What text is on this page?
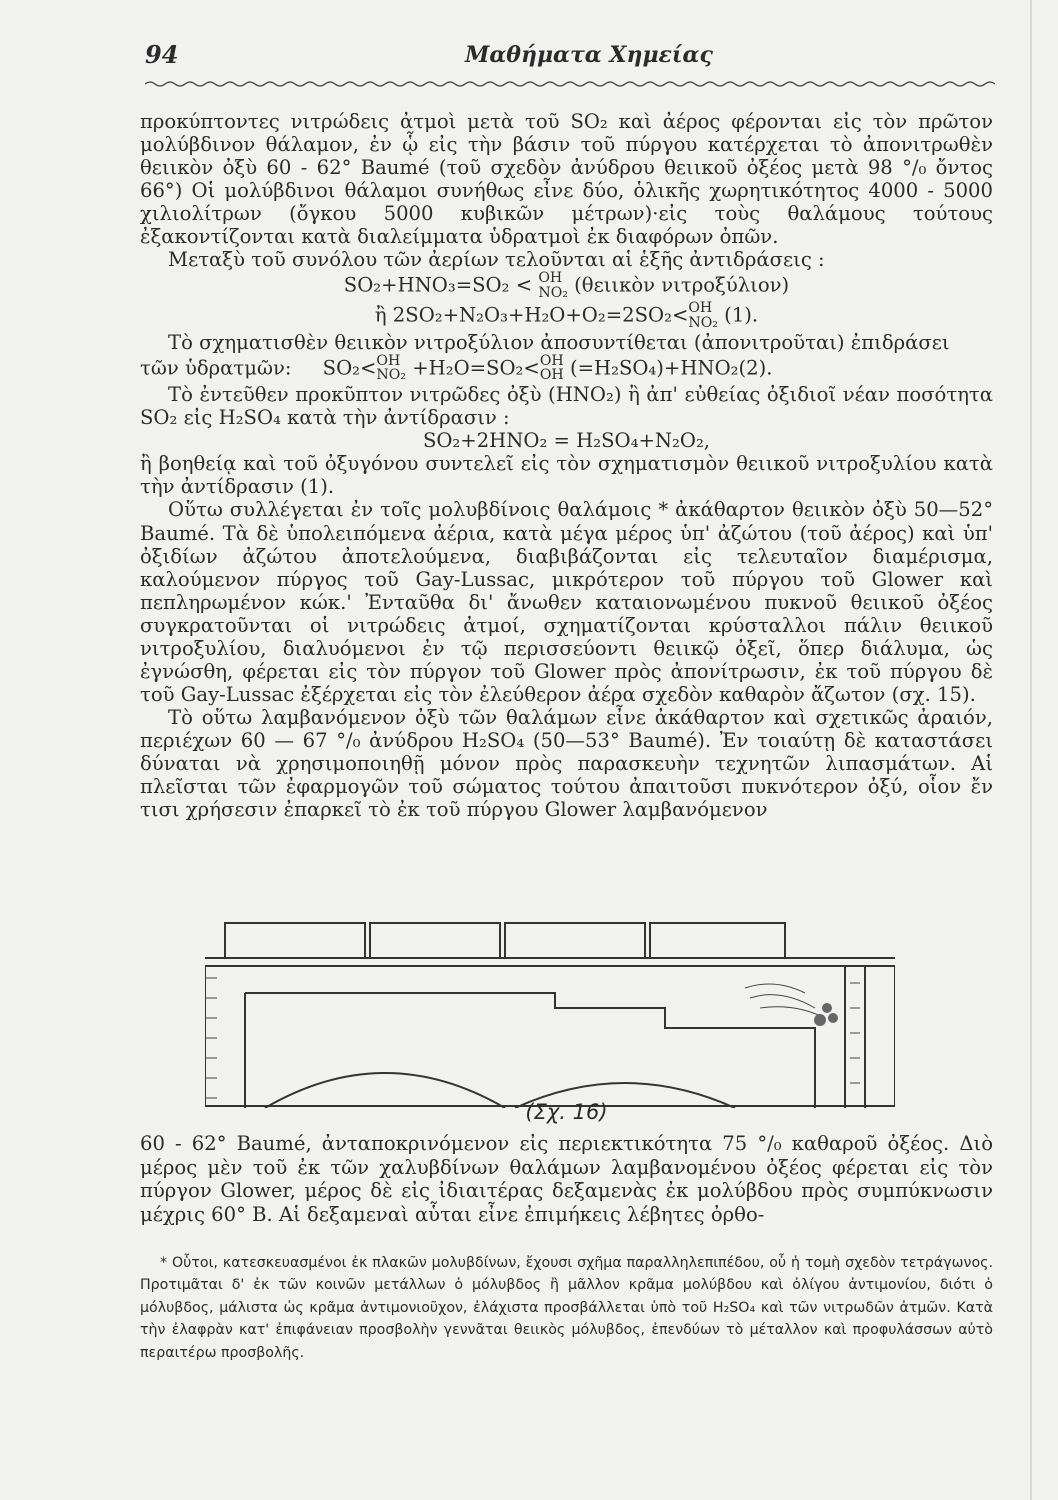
94	Μαθήματα Χημείας

προκύπτοντες νιτρώδεις ἀτμοὶ μετὰ τοῦ SO₂ καὶ ἀέρος φέρονται εἰς τὸν πρῶτον μολύβδινον θάλαμον, ἐν ᾧ εἰς τὴν βάσιν τοῦ πύργου κατέρχεται τὸ ἀπονιτρωθὲν θειικὸν ὀξὺ 60 - 62° Baumé (τοῦ σχεδὸν ἀνύδρου θειικοῦ ὀξέος μετὰ 98 °/₀ ὄντος 66°) Οἱ μολύβδινοι θάλαμοι συνήθως εἶνε δύο, ὁλικῆς χωρητικότητος 4000 - 5000 χιλιολίτρων (ὄγκου 5000 κυβικῶν μέτρων)·εἰς τοὺς θαλάμους τούτους ἐξακοντίζονται κατὰ διαλείμματα ὑδρατμοὶ ἐκ διαφόρων ὀπῶν.

Μεταξὺ τοῦ συνόλου τῶν ἀερίων τελοῦνται αἱ ἑξῆς ἀντιδράσεις :

SO₂+HNO₃=SO₂ < OH
NO₂ (θειικὸν νιτροξύλιον)

ἢ 2SO₂+N₂O₃+H₂O+O₂=2SO₂< OH
NO₂ (1).

Τὸ σχηματισθὲν θειικὸν νιτροξύλιον ἀποσυντίθεται (ἀπονιτροῦται) ἐπιδράσει

τῶν ὑδρατμῶν: SO₂< OH
NO₂ +H₂O=SO₂< OH
OH (=H₂SO₄)+HNO₂(2).

Τὸ ἐντεῦθεν προκῦπτον νιτρῶδες ὀξὺ (HNO₂) ἢ ἀπ' εὐθείας ὀξιδιοῖ νέαν ποσότητα SO₂ εἰς H₂SO₄ κατὰ τὴν ἀντίδρασιν :

SO₂+2HNO₂ = H₂SO₄+N₂O₂,

ἢ βοηθείᾳ καὶ τοῦ ὀξυγόνου συντελεῖ εἰς τὸν σχηματισμὸν θειικοῦ νιτροξυλίου κατὰ τὴν ἀντίδρασιν (1).

Οὕτω συλλέγεται ἐν τοῖς μολυβδίνοις θαλάμοις * ἀκάθαρτον θειικὸν ὀξὺ 50—52° Baumé. Τὰ δὲ ὑπολειπόμενα ἀέρια, κατὰ μέγα μέρος ὑπ' ἀζώτου (τοῦ ἀέρος) καὶ ὑπ' ὀξιδίων ἀζώτου ἀποτελούμενα, διαβιβάζονται εἰς τελευταῖον διαμέρισμα, καλούμενον πύργος τοῦ Gay-Lussac, μικρότερον τοῦ πύργου τοῦ Glower καὶ πεπληρωμένον κώκ.' Ἐνταῦθα δι' ἄνωθεν καταιονωμένου πυκνοῦ θειικοῦ ὀξέος συγκρατοῦνται οἱ νιτρώδεις ἀτμοί, σχηματίζονται κρύσταλλοι πάλιν θειικοῦ νιτροξυλίου, διαλυόμενοι ἐν τῷ περισσεύοντι θειικῷ ὀξεῖ, ὅπερ διάλυμα, ὡς ἐγνώσθη, φέρεται εἰς τὸν πύργον τοῦ Glower πρὸς ἀπονίτρωσιν, ἐκ τοῦ πύργου δὲ τοῦ Gay-Lussac ἐξέρχεται εἰς τὸν ἐλεύθερον ἀέρα σχεδὸν καθαρὸν ἄζωτον (σχ. 15).

Τὸ οὕτω λαμβανόμενον ὀξὺ τῶν θαλάμων εἶνε ἀκάθαρτον καὶ σχετικῶς ἀραιόν, περιέχων 60 — 67 °/₀ ἀνύδρου H₂SO₄ (50—53° Baumé). Ἐν τοιαύτῃ δὲ καταστάσει δύναται νὰ χρησιμοποιηθῇ μόνον πρὸς παρασκευὴν τεχνητῶν λιπασμάτων. Αἱ πλεῖσται τῶν ἐφαρμογῶν τοῦ σώματος τούτου ἀπαιτοῦσι πυκνότερον ὀξύ, οἷον ἔν τισι χρήσεσιν ἐπαρκεῖ τὸ ἐκ τοῦ πύργου Glower λαμβανόμενον

(Σχ. 16)

60 - 62° Baumé, ἀνταποκρινόμενον εἰς περιεκτικότητα 75 °/₀ καθαροῦ ὀξέος. Διὸ μέρος μὲν τοῦ ἐκ τῶν χαλυβδίνων θαλάμων λαμβανομένου ὀξέος φέρεται εἰς τὸν πύργον Glower, μέρος δὲ εἰς ἰδιαιτέρας δεξαμενὰς ἐκ μολύβδου πρὸς συμπύκνωσιν μέχρις 60° B. Αἱ δεξαμεναὶ αὗται εἶνε ἐπιμήκεις λέβητες ὀρθο-

* Οὗτοι, κατεσκευασμένοι ἐκ πλακῶν μολυβδίνων, ἔχουσι σχῆμα παραλληλεπιπέδου, οὗ ἡ τομὴ σχεδὸν τετράγωνος. Προτιμᾶται δ' ἐκ τῶν κοινῶν μετάλλων ὁ μόλυβδος ἢ μᾶλλον κρᾶμα μολύβδου καὶ ὀλίγου ἀντιμονίου, διότι ὁ μόλυβδος, μάλιστα ὡς κρᾶμα ἀντιμονιοῦχον, ἐλάχιστα προσβάλλεται ὑπὸ τοῦ H₂SO₄ καὶ τῶν νιτρωδῶν ἀτμῶν. Κατὰ τὴν ἐλαφρὰν κατ' ἐπιφάνειαν προσβολὴν γεννᾶται θειικὸς μόλυβδος, ἐπενδύων τὸ μέταλλον καὶ προφυλάσσων αὐτὸ περαιτέρω προσβολῆς.
